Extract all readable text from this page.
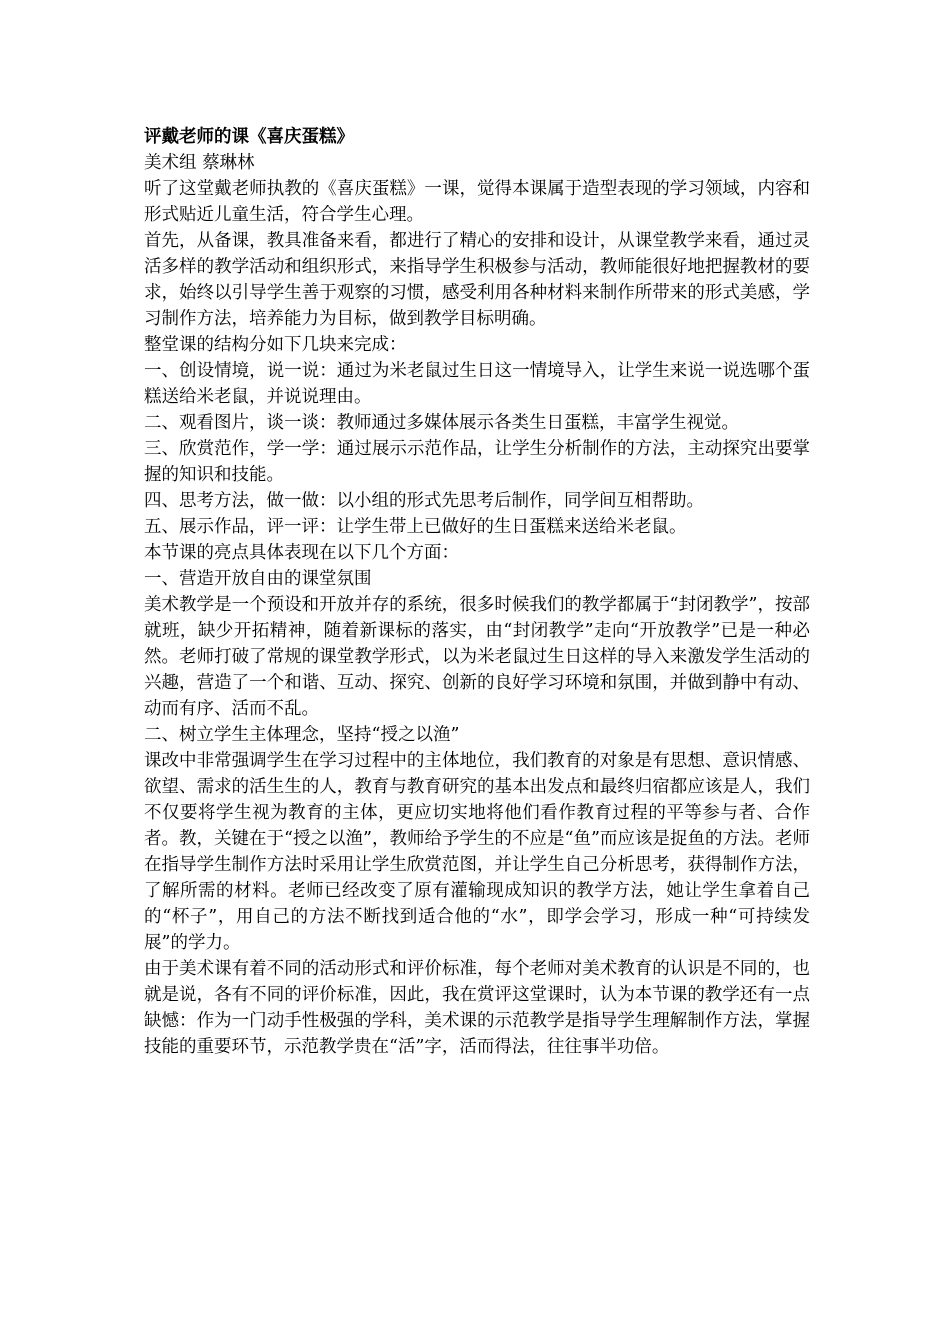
评戴老师的课《喜庆蛋糕》

美术组 蔡琳林

听了这堂戴老师执教的《喜庆蛋糕》一课，觉得本课属于造型表现的学习领域，内容和形式贴近儿童生活，符合学生心理。

首先，从备课，教具准备来看，都进行了精心的安排和设计，从课堂教学来看，通过灵活多样的教学活动和组织形式，来指导学生积极参与活动，教师能很好地把握教材的要求，始终以引导学生善于观察的习惯，感受利用各种材料来制作所带来的形式美感，学习制作方法，培养能力为目标，做到教学目标明确。

整堂课的结构分如下几块来完成：

一、创设情境，说一说：通过为米老鼠过生日这一情境导入，让学生来说一说选哪个蛋糕送给米老鼠，并说说理由。

二、观看图片，谈一谈：教师通过多媒体展示各类生日蛋糕，丰富学生视觉。

三、欣赏范作，学一学：通过展示示范作品，让学生分析制作的方法，主动探究出要掌握的知识和技能。

四、思考方法，做一做：以小组的形式先思考后制作，同学间互相帮助。

五、展示作品，评一评：让学生带上已做好的生日蛋糕来送给米老鼠。

本节课的亮点具体表现在以下几个方面：

一、营造开放自由的课堂氛围

美术教学是一个预设和开放并存的系统，很多时候我们的教学都属于“封闭教学”，按部就班，缺少开拓精神，随着新课标的落实，由“封闭教学”走向“开放教学”已是一种必然。老师打破了常规的课堂教学形式，以为米老鼠过生日这样的导入来激发学生活动的兴趣，营造了一个和谐、互动、探究、创新的良好学习环境和氛围，并做到静中有动、动而有序、活而不乱。

二、树立学生主体理念，坚持“授之以渔”

课改中非常强调学生在学习过程中的主体地位，我们教育的对象是有思想、意识情感、欲望、需求的活生生的人，教育与教育研究的基本出发点和最终归宿都应该是人，我们不仅要将学生视为教育的主体，更应切实地将他们看作教育过程的平等参与者、合作者。教，关键在于“授之以渔”，教师给予学生的不应是“鱼”而应该是捉鱼的方法。老师在指导学生制作方法时采用让学生欣赏范图，并让学生自己分析思考，获得制作方法，了解所需的材料。老师已经改变了原有灌输现成知识的教学方法，她让学生拿着自己的“杯子”，用自己的方法不断找到适合他的“水”，即学会学习，形成一种“可持续发展”的学力。

由于美术课有着不同的活动形式和评价标准，每个老师对美术教育的认识是不同的，也就是说，各有不同的评价标准，因此，我在赏评这堂课时，认为本节课的教学还有一点缺憾：作为一门动手性极强的学科，美术课的示范教学是指导学生理解制作方法，掌握技能的重要环节，示范教学贵在“活”字，活而得法，往往事半功倍。
